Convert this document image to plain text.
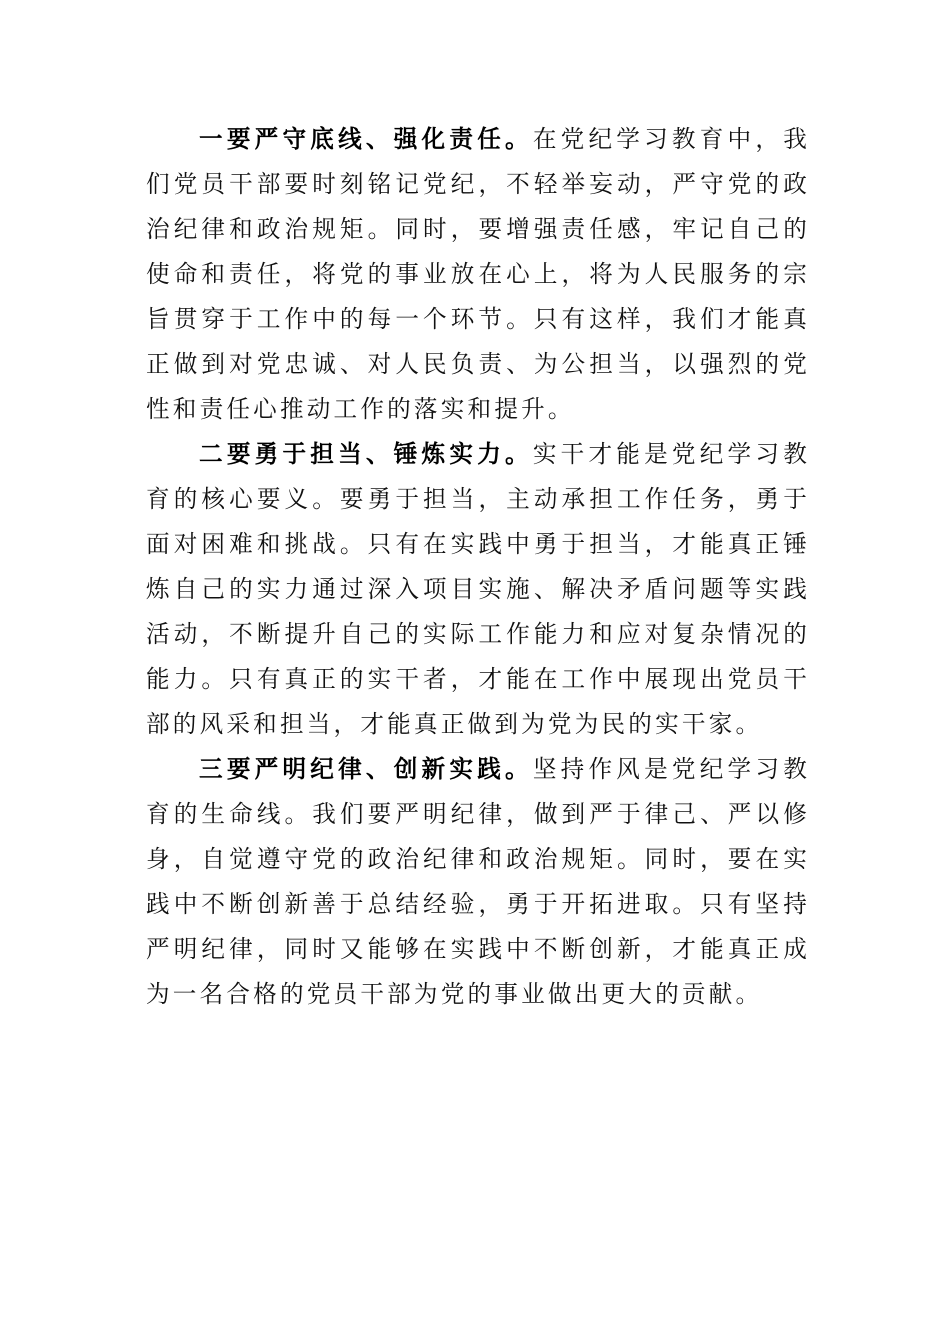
一要严守底线、强化责任。在党纪学习教育中，我们党员干部要时刻铭记党纪，不轻举妄动，严守党的政治纪律和政治规矩。同时，要增强责任感，牢记自己的使命和责任，将党的事业放在心上，将为人民服务的宗旨贯穿于工作中的每一个环节。只有这样，我们才能真正做到对党忠诚、对人民负责、为公担当，以强烈的党性和责任心推动工作的落实和提升。

二要勇于担当、锤炼实力。实干才能是党纪学习教育的核心要义。要勇于担当，主动承担工作任务，勇于面对困难和挑战。只有在实践中勇于担当，才能真正锤炼自己的实力通过深入项目实施、解决矛盾问题等实践活动，不断提升自己的实际工作能力和应对复杂情况的能力。只有真正的实干者，才能在工作中展现出党员干部的风采和担当，才能真正做到为党为民的实干家。

三要严明纪律、创新实践。坚持作风是党纪学习教育的生命线。我们要严明纪律，做到严于律己、严以修身，自觉遵守党的政治纪律和政治规矩。同时，要在实践中不断创新善于总结经验，勇于开拓进取。只有坚持严明纪律，同时又能够在实践中不断创新，才能真正成为一名合格的党员干部为党的事业做出更大的贡献。
